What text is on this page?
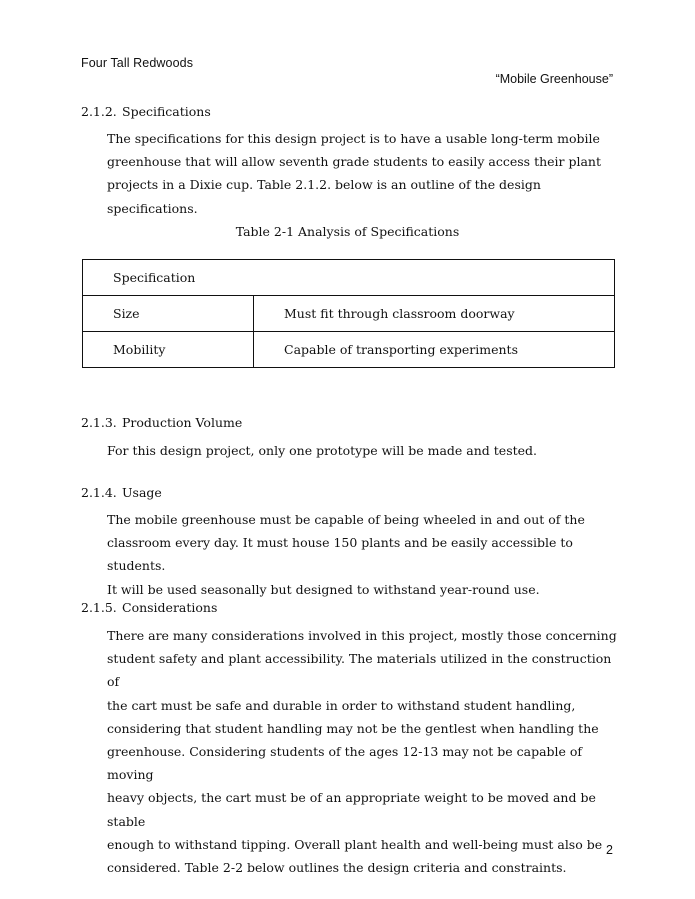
Four Tall Redwoods
“Mobile Greenhouse”
2.1.2. Specifications
The specifications for this design project is to have a usable long-term mobile
greenhouse that will allow seventh grade students to easily access their plant
projects in a Dixie cup. Table 2.1.2. below is an outline of the design specifications.
Table 2-1 Analysis of Specifications
Specification	
Size	Must fit through classroom doorway
Mobility	Capable of transporting experiments
2.1.3. Production Volume
For this design project, only one prototype will be made and tested.
2.1.4. Usage
The mobile greenhouse must be capable of being wheeled in and out of the
classroom every day. It must house 150 plants and be easily accessible to students.
It will be used seasonally but designed to withstand year-round use.
2.1.5. Considerations
There are many considerations involved in this project, mostly those concerning
student safety and plant accessibility. The materials utilized in the construction of
the cart must be safe and durable in order to withstand student handling,
considering that student handling may not be the gentlest when handling the
greenhouse. Considering students of the ages 12-13 may not be capable of moving
heavy objects, the cart must be of an appropriate weight to be moved and be stable
enough to withstand tipping. Overall plant health and well-being must also be
considered. Table 2-2 below outlines the design criteria and constraints.
2
